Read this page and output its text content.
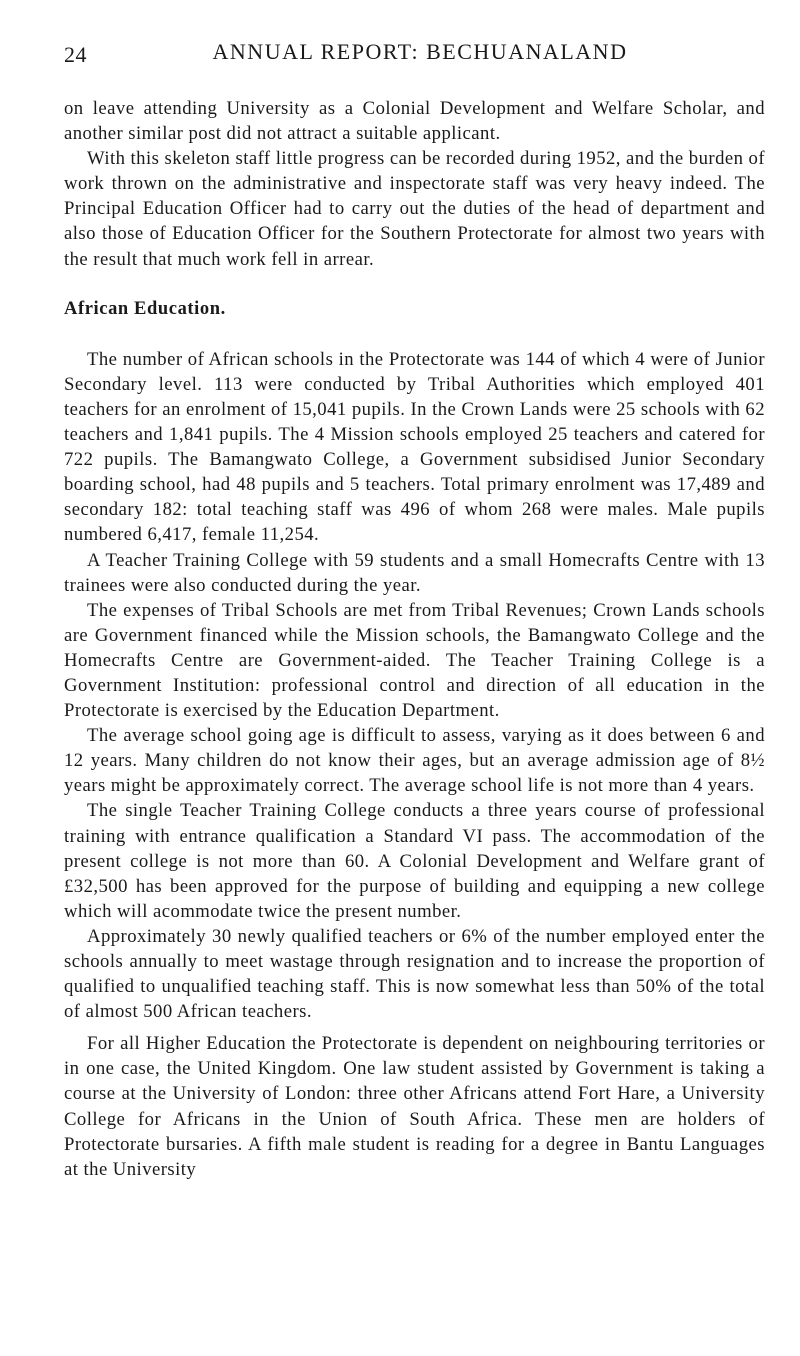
24	ANNUAL REPORT: BECHUANALAND

on leave attending University as a Colonial Development and Welfare Scholar, and another similar post did not attract a suitable applicant.

With this skeleton staff little progress can be recorded during 1952, and the burden of work thrown on the administrative and inspectorate staff was very heavy indeed. The Principal Education Officer had to carry out the duties of the head of department and also those of Education Officer for the Southern Protectorate for almost two years with the result that much work fell in arrear.

African Education.

The number of African schools in the Protectorate was 144 of which 4 were of Junior Secondary level. 113 were conducted by Tribal Authorities which employed 401 teachers for an enrolment of 15,041 pupils. In the Crown Lands were 25 schools with 62 teachers and 1,841 pupils. The 4 Mission schools employed 25 teachers and catered for 722 pupils. The Bamangwato College, a Government subsidised Junior Secondary boarding school, had 48 pupils and 5 teachers. Total primary enrolment was 17,489 and secondary 182: total teaching staff was 496 of whom 268 were males. Male pupils numbered 6,417, female 11,254.

A Teacher Training College with 59 students and a small Homecrafts Centre with 13 trainees were also conducted during the year.

The expenses of Tribal Schools are met from Tribal Revenues; Crown Lands schools are Government financed while the Mission schools, the Bamangwato College and the Homecrafts Centre are Government-aided. The Teacher Training College is a Government Institution: professional control and direction of all education in the Protectorate is exercised by the Education Department.

The average school going age is difficult to assess, varying as it does between 6 and 12 years. Many children do not know their ages, but an average admission age of 8½ years might be approximately correct. The average school life is not more than 4 years.

The single Teacher Training College conducts a three years course of professional training with entrance qualification a Standard VI pass. The accommodation of the present college is not more than 60. A Colonial Development and Welfare grant of £32,500 has been approved for the purpose of building and equipping a new college which will acommodate twice the present number.

Approximately 30 newly qualified teachers or 6% of the number employed enter the schools annually to meet wastage through resignation and to increase the proportion of qualified to unqualified teaching staff. This is now somewhat less than 50% of the total of almost 500 African teachers.

For all Higher Education the Protectorate is dependent on neighbouring territories or in one case, the United Kingdom. One law student assisted by Government is taking a course at the University of London: three other Africans attend Fort Hare, a University College for Africans in the Union of South Africa. These men are holders of Protectorate bursaries. A fifth male student is reading for a degree in Bantu Languages at the University
